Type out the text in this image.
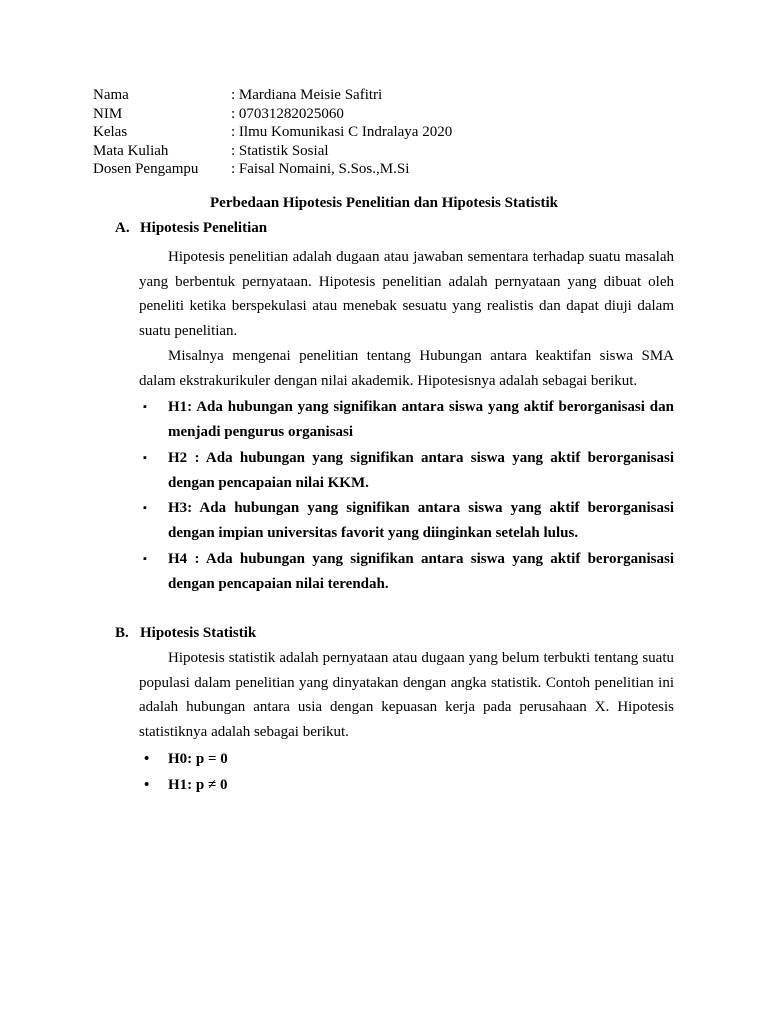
Nama	: Mardiana Meisie Safitri
NIM	: 07031282025060
Kelas	: Ilmu Komunikasi C Indralaya 2020
Mata Kuliah	: Statistik Sosial
Dosen Pengampu	: Faisal Nomaini, S.Sos.,M.Si
Perbedaan Hipotesis Penelitian dan Hipotesis Statistik
A. Hipotesis Penelitian

Hipotesis penelitian adalah dugaan atau jawaban sementara terhadap suatu masalah yang berbentuk pernyataan. Hipotesis penelitian adalah pernyataan yang dibuat oleh peneliti ketika berspekulasi atau menebak sesuatu yang realistis dan dapat diuji dalam suatu penelitian.

Misalnya mengenai penelitian tentang Hubungan antara keaktifan siswa SMA dalam ekstrakurikuler dengan nilai akademik. Hipotesisnya adalah sebagai berikut.

▪ H1: Ada hubungan yang signifikan antara siswa yang aktif berorganisasi dan menjadi pengurus organisasi
▪ H2 : Ada hubungan yang signifikan antara siswa yang aktif berorganisasi dengan pencapaian nilai KKM.
▪ H3: Ada hubungan yang signifikan antara siswa yang aktif berorganisasi dengan impian universitas favorit yang diinginkan setelah lulus.
▪ H4 : Ada hubungan yang signifikan antara siswa yang aktif berorganisasi dengan pencapaian nilai terendah.
B. Hipotesis Statistik

Hipotesis statistik adalah pernyataan atau dugaan yang belum terbukti tentang suatu populasi dalam penelitian yang dinyatakan dengan angka statistik. Contoh penelitian ini adalah hubungan antara usia dengan kepuasan kerja pada perusahaan X. Hipotesis statistiknya adalah sebagai berikut.

• H0: p = 0
• H1: p ≠ 0
